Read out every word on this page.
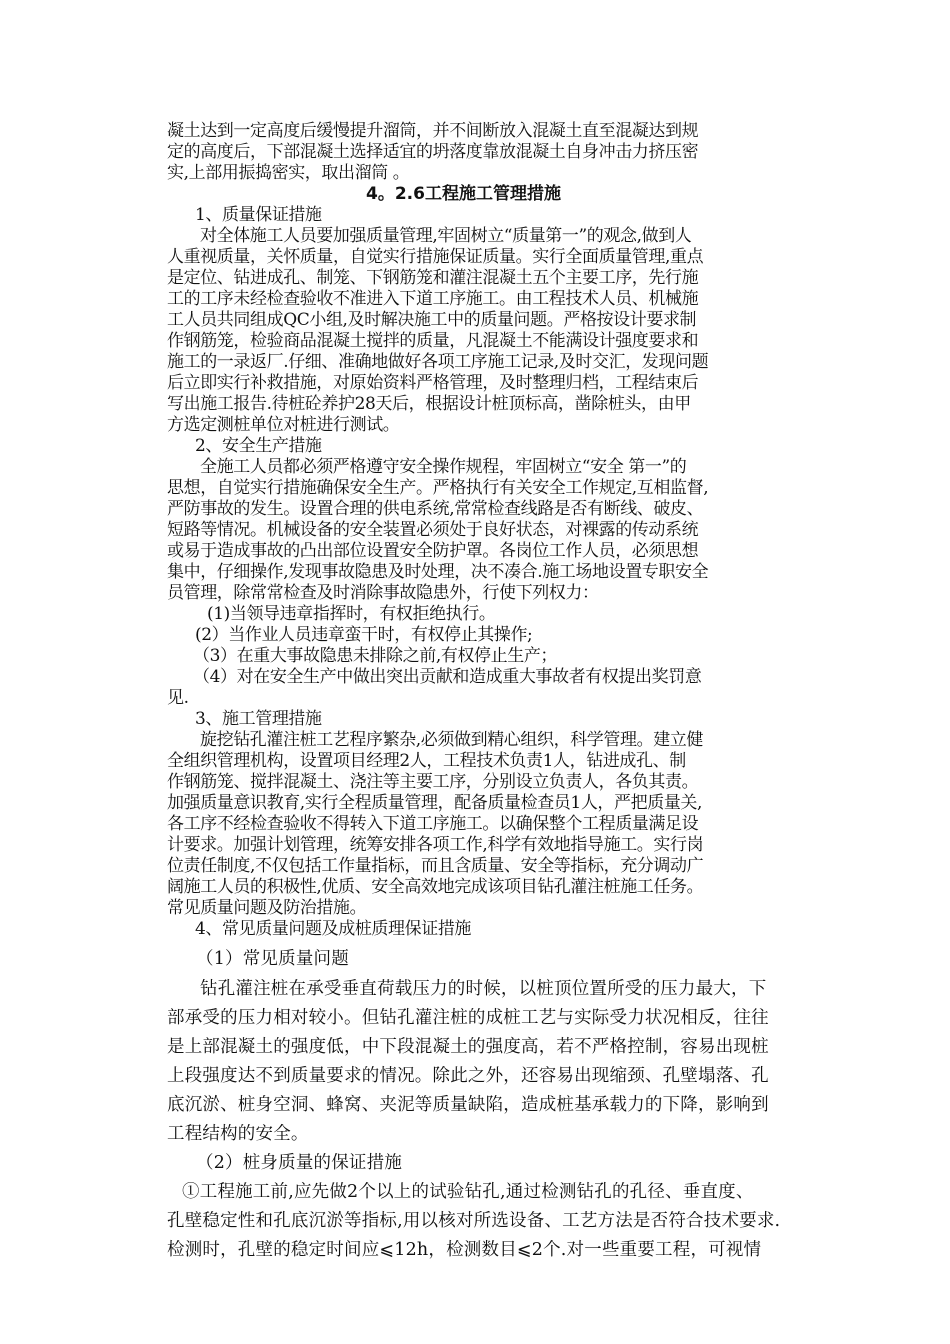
凝土达到一定高度后缓慢提升溜筒，并不间断放入混凝土直至混凝达到规
定的高度后，下部混凝土选择适宜的坍落度靠放混凝土自身冲击力挤压密
实,上部用振捣密实，取出溜筒 。
4。2.6工程施工管理措施
1、质量保证措施
对全体施工人员要加强质量管理,牢固树立“质量第一”的观念,做到人
人重视质量，关怀质量，自觉实行措施保证质量。实行全面质量管理,重点
是定位、钻进成孔、制笼、下钢筋笼和灌注混凝土五个主要工序，先行施
工的工序未经检查验收不准进入下道工序施工。由工程技术人员、机械施
工人员共同组成QC小组,及时解决施工中的质量问题。严格按设计要求制
作钢筋笼，检验商品混凝土搅拌的质量，凡混凝土不能满设计强度要求和
施工的一录返厂.仔细、准确地做好各项工序施工记录,及时交汇，发现问题
后立即实行补救措施，对原始资料严格管理，及时整理归档，工程结束后
写出施工报告.待桩砼养护28天后，根据设计桩顶标高，凿除桩头，由甲
方选定测桩单位对桩进行测试。
2、安全生产措施
全施工人员都必须严格遵守安全操作规程，牢固树立“安全 第一”的
思想，自觉实行措施确保安全生产。严格执行有关安全工作规定,互相监督,
严防事故的发生。设置合理的供电系统,常常检查线路是否有断线、破皮、
短路等情况。机械设备的安全装置必须处于良好状态，对裸露的传动系统
或易于造成事故的凸出部位设置安全防护罩。各岗位工作人员，必须思想
集中，仔细操作,发现事故隐患及时处理，决不凑合.施工场地设置专职安全
员管理，除常常检查及时消除事故隐患外，行使下列权力：
(1)当领导违章指挥时，有权拒绝执行。
(2）当作业人员违章蛮干时，有权停止其操作;
（3）在重大事故隐患未排除之前,有权停止生产；
（4）对在安全生产中做出突出贡献和造成重大事故者有权提出奖罚意
见.
3、施工管理措施
旋挖钻孔灌注桩工艺程序繁杂,必须做到精心组织，科学管理。建立健
全组织管理机构，设置项目经理2人，工程技术负责1人，钻进成孔、制
作钢筋笼、搅拌混凝土、浇注等主要工序，分别设立负责人，各负其责。
加强质量意识教育,实行全程质量管理，配备质量检查员1人，严把质量关,
各工序不经检查验收不得转入下道工序施工。以确保整个工程质量满足设
计要求。加强计划管理，统筹安排各项工作,科学有效地指导施工。实行岗
位责任制度,不仅包括工作量指标，而且含质量、安全等指标，充分调动广
阔施工人员的积极性,优质、安全高效地完成该项目钻孔灌注桩施工任务。
常见质量问题及防治措施。
4、常见质量问题及成桩质理保证措施
（1）常见质量问题
钻孔灌注桩在承受垂直荷载压力的时候，以桩顶位置所受的压力最大，下
部承受的压力相对较小。但钻孔灌注桩的成桩工艺与实际受力状况相反，往往
是上部混凝土的强度低，中下段混凝土的强度高，若不严格控制，容易出现桩
上段强度达不到质量要求的情况。除此之外，还容易出现缩颈、孔壁塌落、孔
底沉淤、桩身空洞、蜂窝、夹泥等质量缺陷，造成桩基承载力的下降，影响到
工程结构的安全。
（2）桩身质量的保证措施
①工程施工前,应先做2个以上的试验钻孔,通过检测钻孔的孔径、垂直度、
孔壁稳定性和孔底沉淤等指标,用以核对所选设备、工艺方法是否符合技术要求.
检测时，孔壁的稳定时间应⩽12h，检测数目⩽2个.对一些重要工程，可视情
